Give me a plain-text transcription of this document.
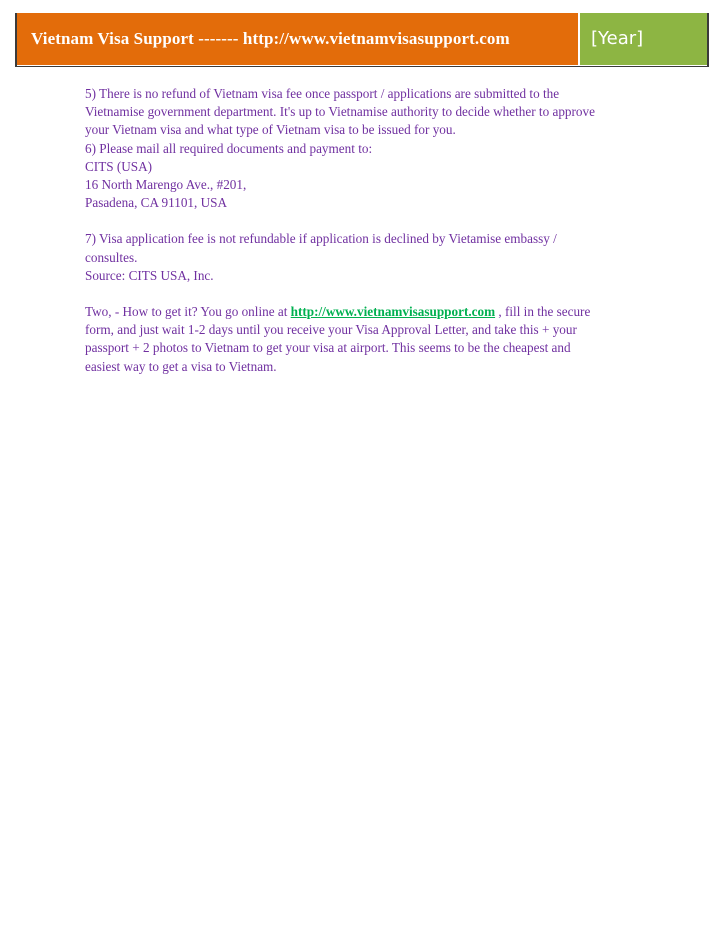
Vietnam Visa Support ------- http://www.vietnamvisasupport.com	[Year]

5) There is no refund of Vietnam visa fee once passport / applications are submitted to the

Vietnamise government department. It's up to Vietnamise authority to decide whether to approve

your Vietnam visa and what type of Vietnam visa to be issued for you.

6) Please mail all required documents and payment to:

CITS (USA)

16 North Marengo Ave., #201,

Pasadena, CA 91101, USA

7) Visa application fee is not refundable if application is declined by Vietamise embassy /

consultes.

Source: CITS USA, Inc.

Two, - How to get it? You go online at http://www.vietnamvisasupport.com , fill in the secure

form, and just wait 1-2 days until you receive your Visa Approval Letter, and take this + your

passport + 2 photos to Vietnam to get your visa at airport. This seems to be the cheapest and

easiest way to get a visa to Vietnam.
